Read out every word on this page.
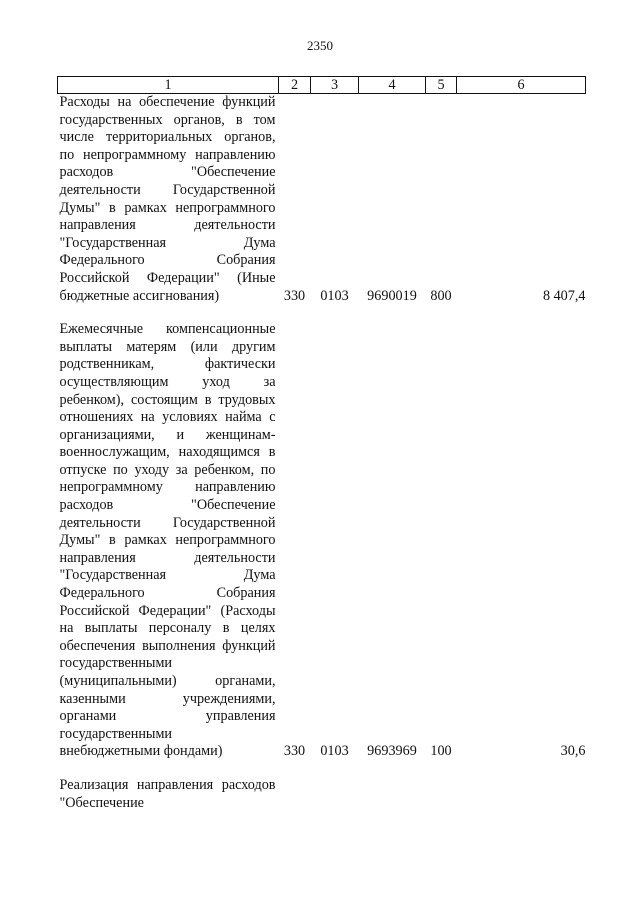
2350
1	2	3	4	5	6
Расходы на обеспечение функций государственных органов, в том числе территориальных органов, по непрограммному направлению расходов "Обеспечение деятельности Государственной Думы" в рамках непрограммного направления деятельности "Государственная Дума Федерального Собрания Российской Федерации" (Иные бюджетные ассигнования)	330	0103	9690019	800	8 407,4

Ежемесячные компенсационные выплаты матерям (или другим родственникам, фактически осуществляющим уход за ребенком), состоящим в трудовых отношениях на условиях найма с организациями, и женщинам-военнослужащим, находящимся в отпуске по уходу за ребенком, по непрограммному направлению расходов "Обеспечение деятельности Государственной Думы" в рамках непрограммного направления деятельности "Государственная Дума Федерального Собрания Российской Федерации" (Расходы на выплаты персоналу в целях обеспечения выполнения функций государственными (муниципальными) органами, казенными учреждениями, органами управления государственными внебюджетными фондами)	330	0103	9693969	100	30,6

Реализация направления расходов "Обеспечение					
